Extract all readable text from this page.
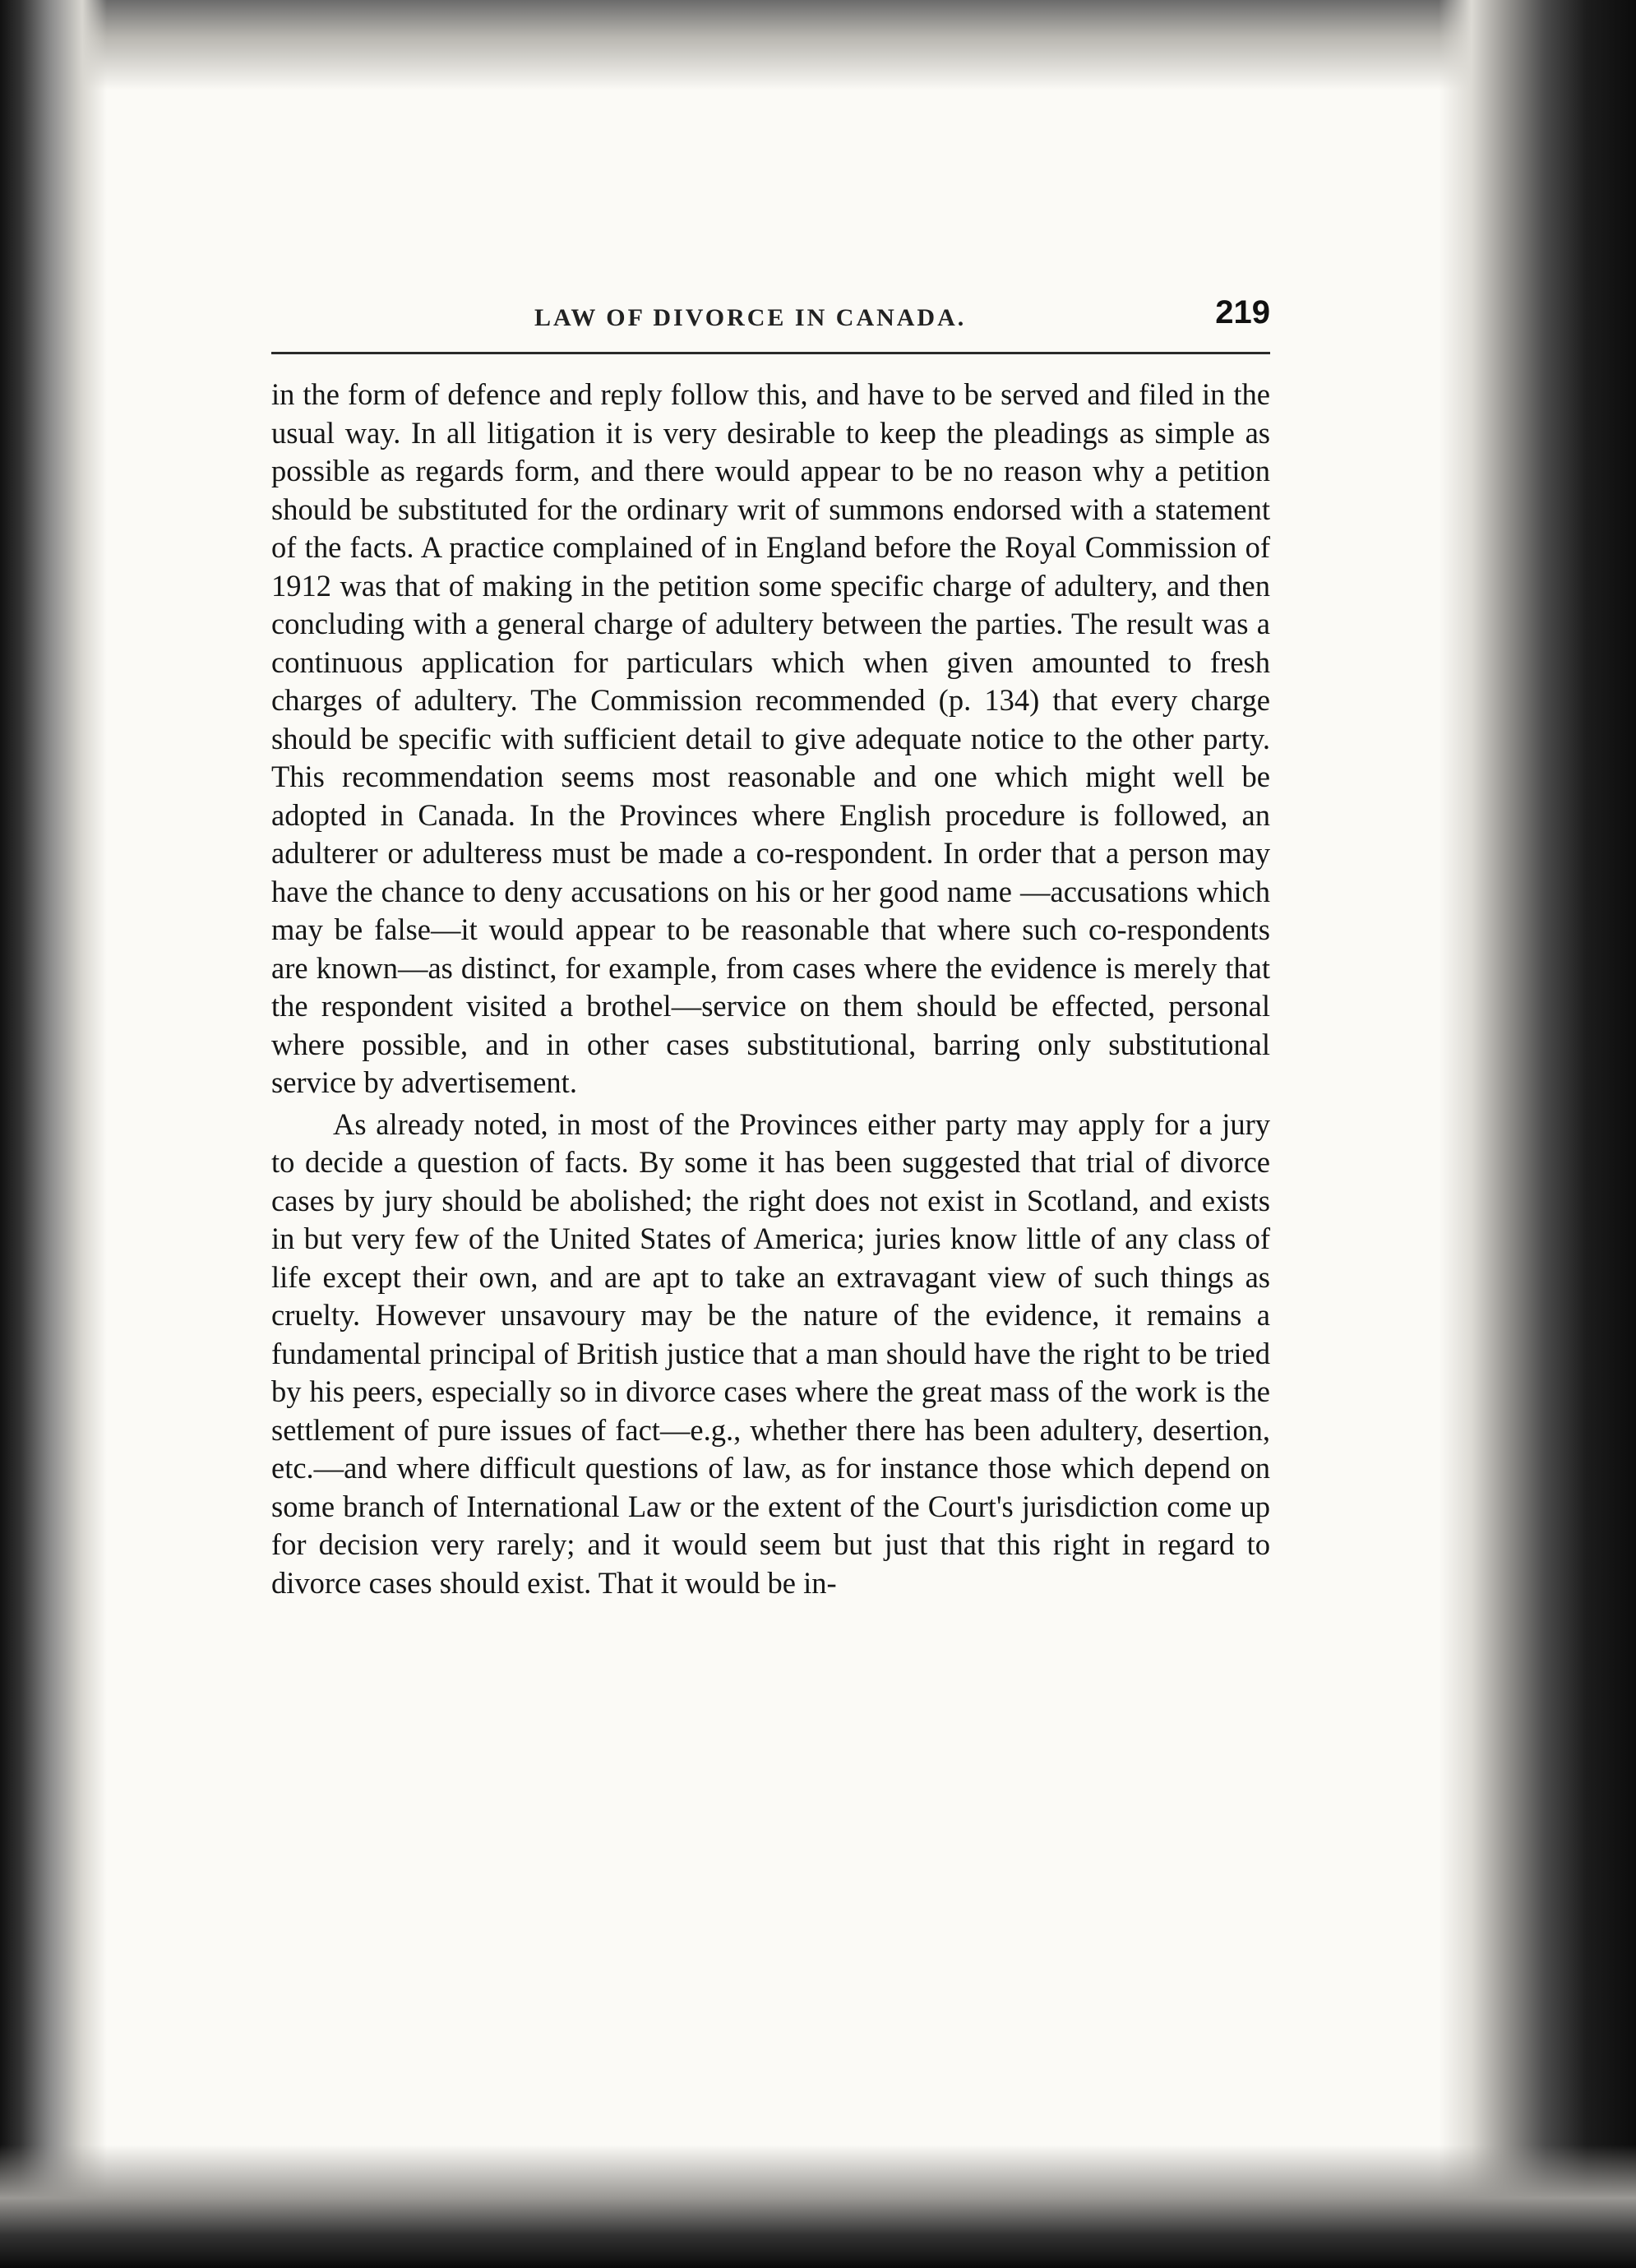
LAW OF DIVORCE IN CANADA.	219

in the form of defence and reply follow this, and have to be served and filed in the usual way. In all litigation it is very desirable to keep the pleadings as simple as possible as regards form, and there would appear to be no reason why a petition should be substituted for the ordinary writ of summons endorsed with a statement of the facts. A practice complained of in England before the Royal Commission of 1912 was that of making in the petition some specific charge of adultery, and then concluding with a general charge of adultery between the parties. The result was a continuous application for particulars which when given amounted to fresh charges of adultery. The Commission recommended (p. 134) that every charge should be specific with sufficient detail to give adequate notice to the other party. This recommendation seems most reasonable and one which might well be adopted in Canada. In the Provinces where English procedure is followed, an adulterer or adulteress must be made a co-respondent. In order that a person may have the chance to deny accusations on his or her good name —accusations which may be false—it would appear to be reasonable that where such co-respondents are known—as distinct, for example, from cases where the evidence is merely that the respondent visited a brothel—service on them should be effected, personal where possible, and in other cases substitutional, barring only substitutional service by advertisement.

As already noted, in most of the Provinces either party may apply for a jury to decide a question of facts. By some it has been suggested that trial of divorce cases by jury should be abolished; the right does not exist in Scotland, and exists in but very few of the United States of America; juries know little of any class of life except their own, and are apt to take an extravagant view of such things as cruelty. However unsavoury may be the nature of the evidence, it remains a fundamental principal of British justice that a man should have the right to be tried by his peers, especially so in divorce cases where the great mass of the work is the settlement of pure issues of fact—e.g., whether there has been adultery, desertion, etc.—and where difficult questions of law, as for instance those which depend on some branch of International Law or the extent of the Court's jurisdiction come up for decision very rarely; and it would seem but just that this right in regard to divorce cases should exist. That it would be in-
